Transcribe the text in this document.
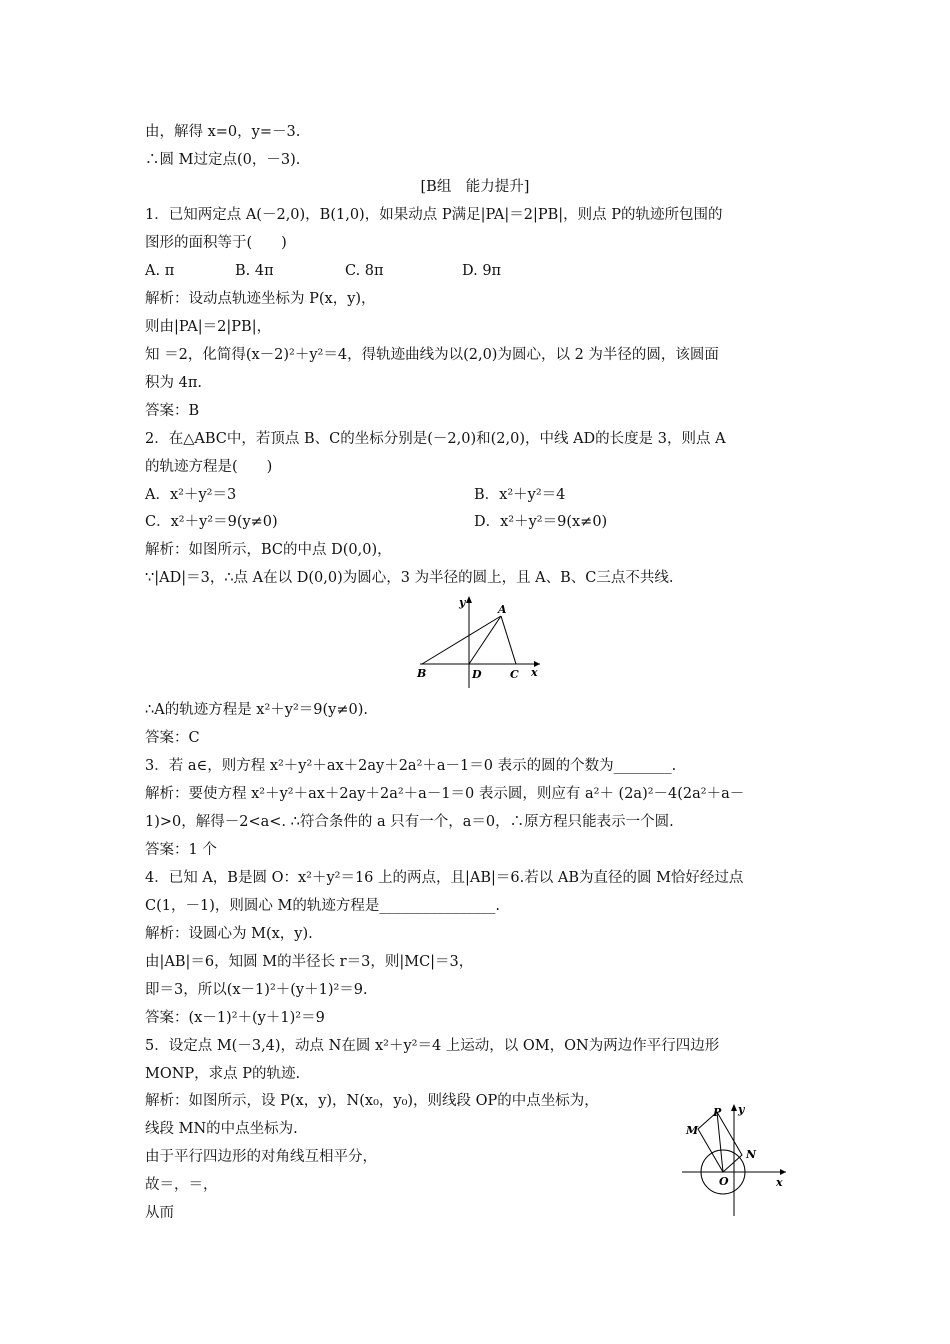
由，解得 x=0，y=－3.
∴圆 M过定点(0，－3).
[B组　能力提升]
1．已知两定点 A(－2,0)，B(1,0)，如果动点 P满足|PA|＝2|PB|，则点 P的轨迹所包围的
图形的面积等于(　　)
A. π	B. 4π	C. 8π	D. 9π
解析：设动点轨迹坐标为 P(x，y)，
则由|PA|＝2|PB|，
知 ＝2，化简得(x－2)²＋y²＝4，得轨迹曲线为以(2,0)为圆心，以 2 为半径的圆，该圆面
积为 4π.
答案：B
2．在△ABC中，若顶点 B、C的坐标分别是(－2,0)和(2,0)，中线 AD的长度是 3，则点 A
的轨迹方程是(　　)
A．x²＋y²＝3	B．x²＋y²＝4
C．x²＋y²＝9(y≠0)	D．x²＋y²＝9(x≠0)
解析：如图所示，BC的中点 D(0,0)，
∵|AD|＝3，∴点 A在以 D(0,0)为圆心，3 为半径的圆上，且 A、B、C三点不共线.
y
A
B	D	C x
∴A的轨迹方程是 x²＋y²＝9(y≠0).
答案：C
3．若 a∈，则方程 x²＋y²＋ax＋2ay＋2a²＋a－1＝0 表示的圆的个数为________.
解析：要使方程 x²＋y²＋ax＋2ay＋2a²＋a－1＝0 表示圆，则应有 a²＋ (2a)²－4(2a²＋a－
1)>0，解得－2<a<. ∴符合条件的 a 只有一个，a＝0，∴原方程只能表示一个圆.
答案：1 个
4．已知 A，B是圆 O：x²＋y²＝16 上的两点，且|AB|＝6.若以 AB为直径的圆 M恰好经过点
C(1，－1)，则圆心 M的轨迹方程是________________.
解析：设圆心为 M(x，y).
由|AB|＝6，知圆 M的半径长 r＝3，则|MC|＝3，
即＝3，所以(x－1)²＋(y＋1)²＝9.
答案：(x－1)²＋(y＋1)²＝9
5．设定点 M(－3,4)，动点 N在圆 x²＋y²＝4 上运动，以 OM，ON为两边作平行四边形
MONP，求点 P的轨迹.
解析：如图所示，设 P(x，y)，N(x₀，y₀)，则线段 OP的中点坐标为，
线段 MN的中点坐标为.
由于平行四边形的对角线互相平分，
故＝，＝，
从而
P y
M
N
O	x
